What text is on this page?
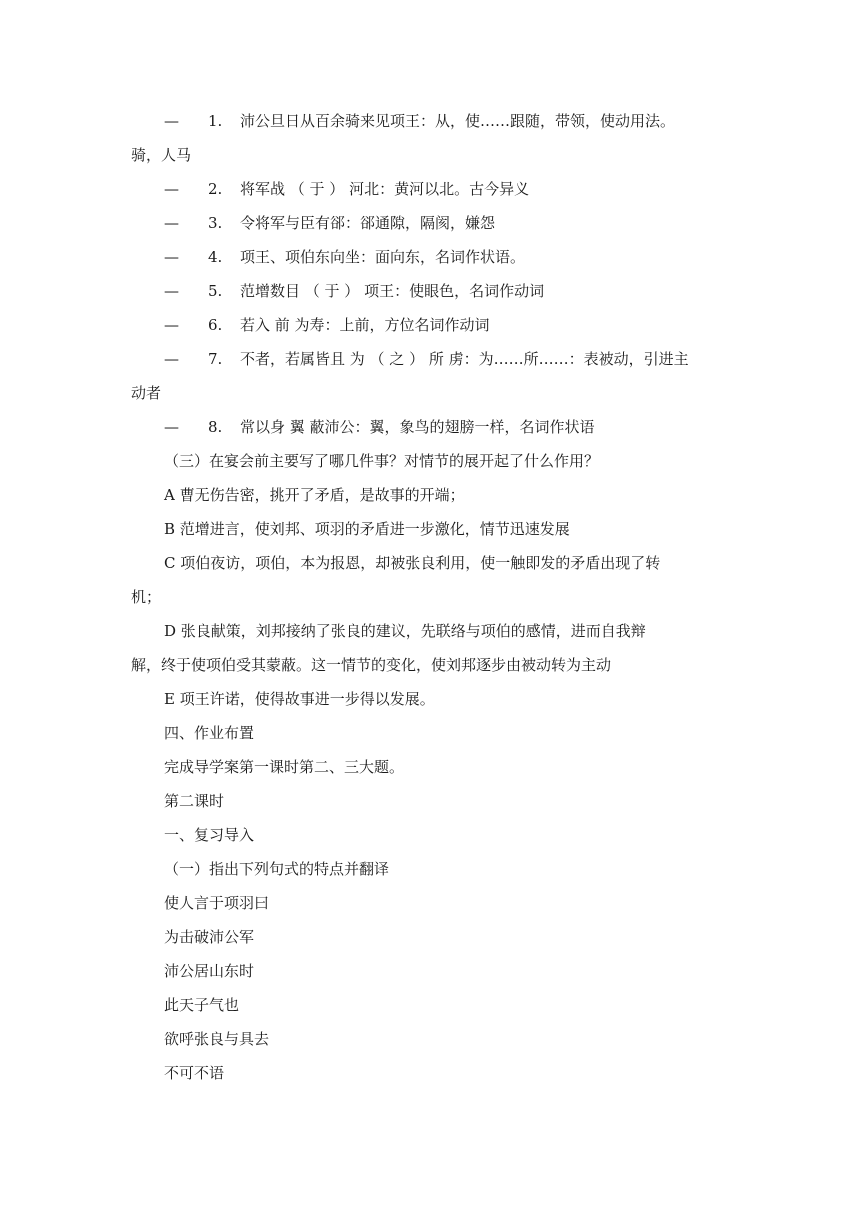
—	1.	沛公旦日从百余骑来见项王：从，使……跟随，带领，使动用法。
骑，人马
—	2.	将军战 （ 于 ） 河北：黄河以北。古今异义
—	3.	令将军与臣有郤：郤通隙，隔阂，嫌怨
—	4.	项王、项伯东向坐：面向东，名词作状语。
—	5.	范增数目 （ 于 ） 项王：使眼色，名词作动词
—	6.	若入 前 为寿：上前，方位名词作动词
—	7.	不者，若属皆且 为 （ 之 ） 所 虏：为……所……：表被动，引进主
动者
—	8.	常以身 翼 蔽沛公：翼，象鸟的翅膀一样，名词作状语
（三）在宴会前主要写了哪几件事？对情节的展开起了什么作用？
A 曹无伤告密，挑开了矛盾，是故事的开端；
B 范增进言，使刘邦、项羽的矛盾进一步激化，情节迅速发展
C 项伯夜访，项伯，本为报恩，却被张良利用，使一触即发的矛盾出现了转
机；
D 张良献策，刘邦接纳了张良的建议，先联络与项伯的感情，进而自我辩
解，终于使项伯受其蒙蔽。这一情节的变化，使刘邦逐步由被动转为主动
E 项王许诺，使得故事进一步得以发展。
四、作业布置
完成导学案第一课时第二、三大题。
第二课时
一、复习导入
（一）指出下列句式的特点并翻译
使人言于项羽曰
为击破沛公军
沛公居山东时
此天子气也
欲呼张良与具去
不可不语
